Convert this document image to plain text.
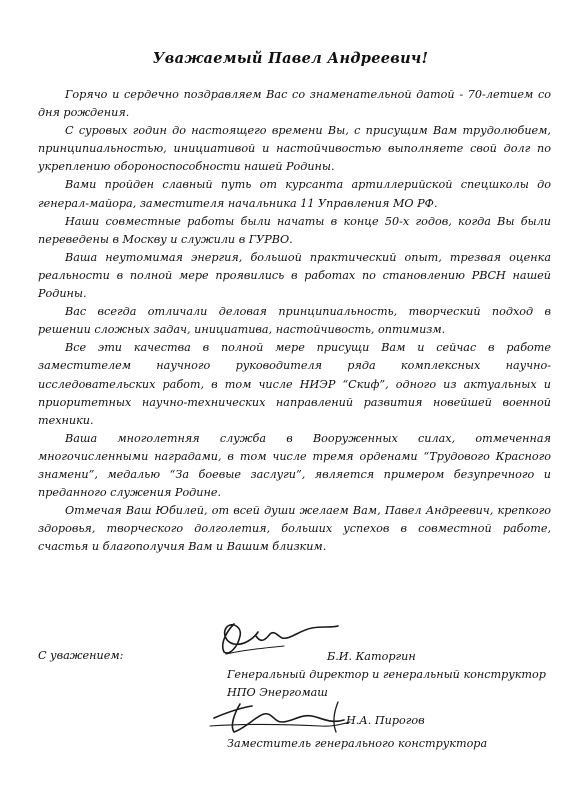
Уважаемый Павел Андреевич!

Горячо и сердечно поздравляем Вас со знаменательной датой - 70-летием со дня рождения.

С суровых годин до настоящего времени Вы, с присущим Вам трудолюбием, принципиальностью, инициативой и настойчивостью выполняете свой долг по укреплению обороноспособности нашей Родины.

Вами пройден славный путь от курсанта артиллерийской спецшколы до генерал-майора, заместителя начальника 11 Управления МО РФ.

Наши совместные работы были начаты в конце 50-х годов, когда Вы были переведены в Москву и служили в ГУРВО.

Ваша неутомимая энергия, большой практический опыт, трезвая оценка реальности в полной мере проявились в работах по становлению РВСН нашей Родины.

Вас всегда отличали деловая принципиальность, творческий подход в решении сложных задач, инициатива, настойчивость, оптимизм.

Все эти качества в полной мере присущи Вам и сейчас в работе заместителем научного руководителя ряда комплексных научно-исследовательских работ, в том числе НИЭР “Скиф”, одного из актуальных и приоритетных научно-технических направлений развития новейшей военной техники.

Ваша многолетняя служба в Вооруженных силах, отмеченная многочисленными наградами, в том числе тремя орденами “Трудового Красного знамени”, медалью “За боевые заслуги”, является примером безупречного и преданного служения Родине.

Отмечая Ваш Юбилей, от всей души желаем Вам, Павел Андреевич, крепкого здоровья, творческого долголетия, больших успехов в совместной работе, счастья и благополучия Вам и Вашим близким.

С уважением:	Б.И. Каторгин
Генеральный директор и генеральный конструктор
НПО Энергомаш
Н.А. Пирогов
Заместитель генерального конструктора
